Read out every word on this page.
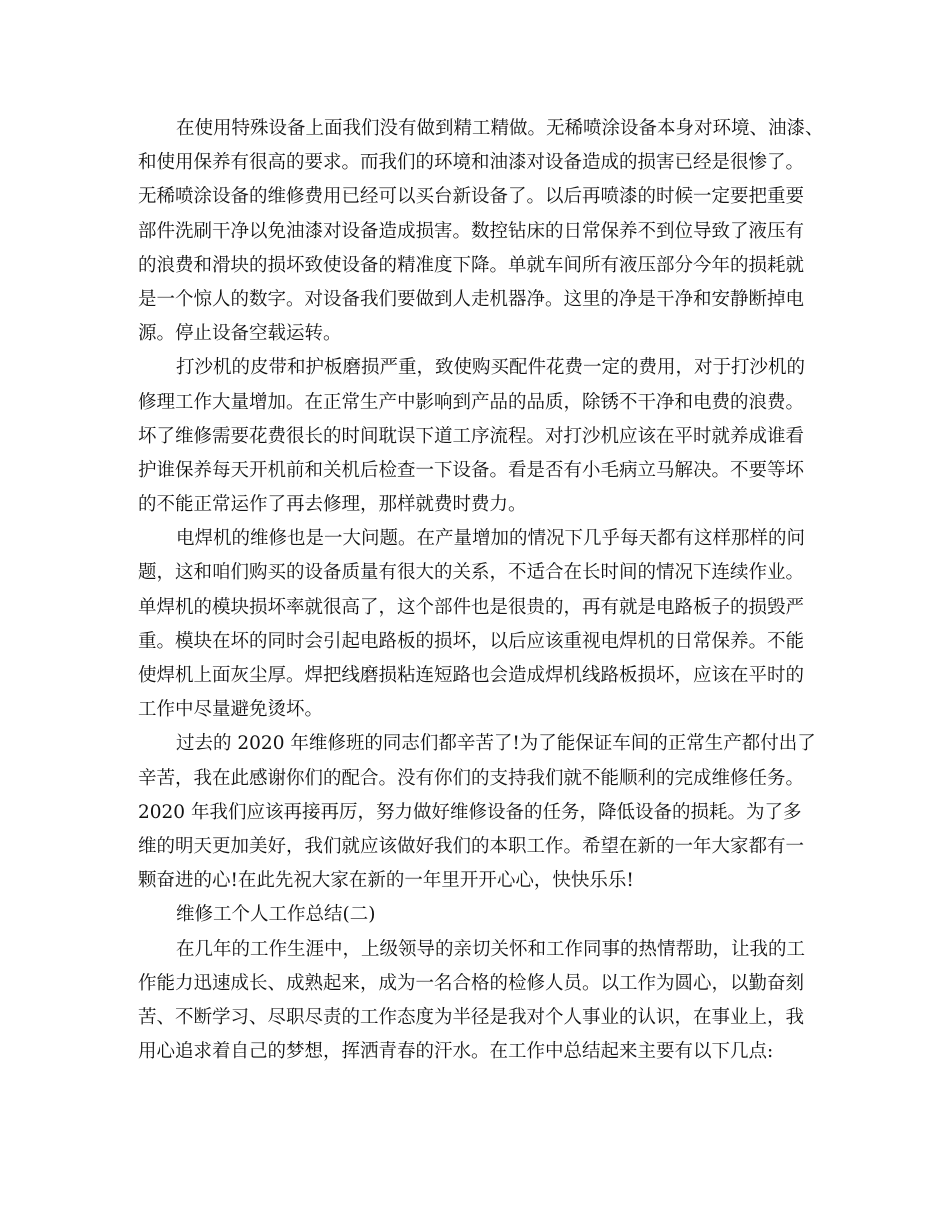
在使用特殊设备上面我们没有做到精工精做。无稀喷涂设备本身对环境、油漆、

和使用保养有很高的要求。而我们的环境和油漆对设备造成的损害已经是很惨了。

无稀喷涂设备的维修费用已经可以买台新设备了。以后再喷漆的时候一定要把重要

部件洗刷干净以免油漆对设备造成损害。数控钻床的日常保养不到位导致了液压有

的浪费和滑块的损坏致使设备的精准度下降。单就车间所有液压部分今年的损耗就

是一个惊人的数字。对设备我们要做到人走机器净。这里的净是干净和安静断掉电

源。停止设备空载运转。

打沙机的皮带和护板磨损严重，致使购买配件花费一定的费用，对于打沙机的

修理工作大量增加。在正常生产中影响到产品的品质，除锈不干净和电费的浪费。

坏了维修需要花费很长的时间耽误下道工序流程。对打沙机应该在平时就养成谁看

护谁保养每天开机前和关机后检查一下设备。看是否有小毛病立马解决。不要等坏

的不能正常运作了再去修理，那样就费时费力。

电焊机的维修也是一大问题。在产量增加的情况下几乎每天都有这样那样的问

题，这和咱们购买的设备质量有很大的关系，不适合在长时间的情况下连续作业。

单焊机的模块损坏率就很高了，这个部件也是很贵的，再有就是电路板子的损毁严

重。模块在坏的同时会引起电路板的损坏，以后应该重视电焊机的日常保养。不能

使焊机上面灰尘厚。焊把线磨损粘连短路也会造成焊机线路板损坏，应该在平时的

工作中尽量避免烫坏。

过去的 2020 年维修班的同志们都辛苦了!为了能保证车间的正常生产都付出了

辛苦，我在此感谢你们的配合。没有你们的支持我们就不能顺利的完成维修任务。

2020 年我们应该再接再厉，努力做好维修设备的任务，降低设备的损耗。为了多

维的明天更加美好，我们就应该做好我们的本职工作。希望在新的一年大家都有一

颗奋进的心!在此先祝大家在新的一年里开开心心，快快乐乐!

维修工个人工作总结(二)

在几年的工作生涯中，上级领导的亲切关怀和工作同事的热情帮助，让我的工

作能力迅速成长、成熟起来，成为一名合格的检修人员。以工作为圆心，以勤奋刻

苦、不断学习、尽职尽责的工作态度为半径是我对个人事业的认识，在事业上，我

用心追求着自己的梦想，挥洒青春的汗水。在工作中总结起来主要有以下几点:
